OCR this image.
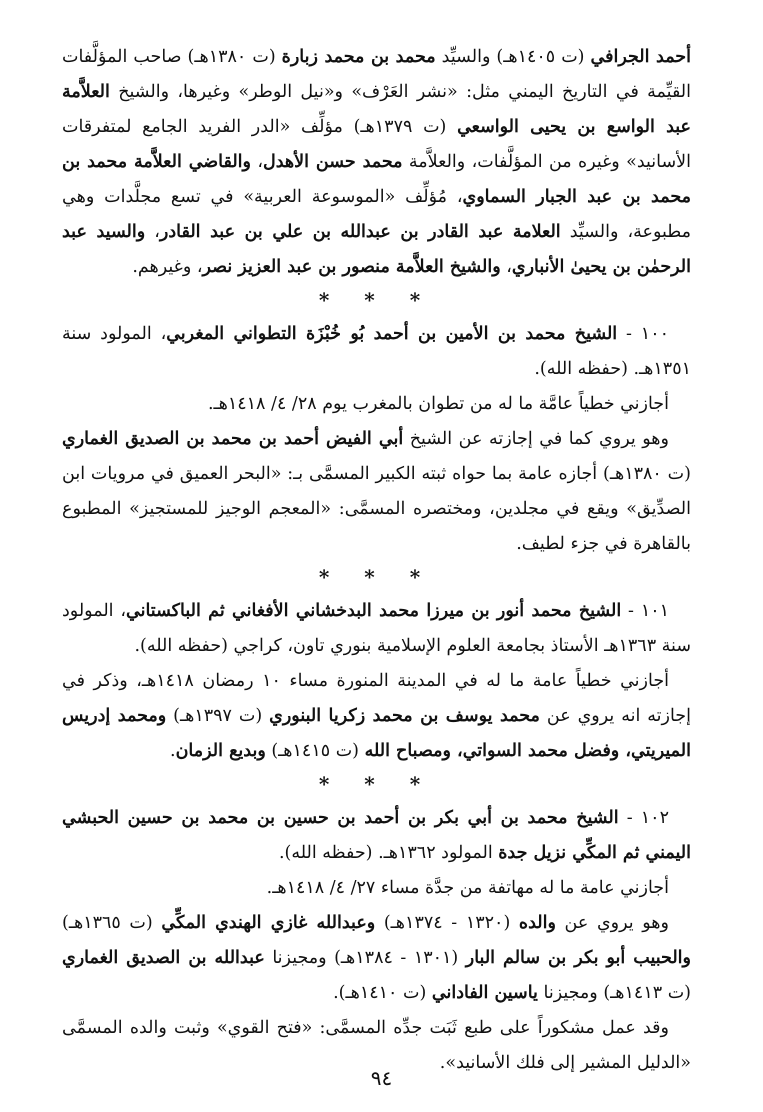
أحمد الجرافي (ت ١٤٠٥هـ) والسيِّد محمد بن محمد زبارة (ت ١٣٨٠هـ) صاحب المؤلَّفات القيِّمة في التاريخ اليمني مثل: «نشر العَرْف» و«نيل الوطر» وغيرها، والشيخ العلاَّمة عبد الواسع بن يحيى الواسعي (ت ١٣٧٩هـ) مؤلِّف «الدر الفريد الجامع لمتفرقات الأسانيد» وغيره من المؤلَّفات، والعلاَّمة محمد حسن الأهدل، والقاضي العلاَّمة محمد بن محمد بن عبد الجبار السماوي، مُؤلِّف «الموسوعة العربية» في تسع مجلَّدات وهي مطبوعة، والسيِّد العلامة عبد القادر بن عبدالله بن علي بن عبد القادر، والسيد عبد الرحمٰن بن يحيىٰ الأنباري، والشيخ العلاَّمة منصور بن عبد العزيز نصر، وغيرهم.

* * *

١٠٠ - الشيخ محمد بن الأمين بن أحمد بُو خُبْزَة التطواني المغربي، المولود سنة ١٣٥١هـ. (حفظه الله).

أجازني خطياً عامَّة ما له من تطوان بالمغرب يوم ٢٨/ ٤/ ١٤١٨هـ.

وهو يروي كما في إجازته عن الشيخ أبي الفيض أحمد بن محمد بن الصديق الغماري (ت ١٣٨٠هـ) أجازه عامة بما حواه ثبته الكبير المسمَّى بـ: «البحر العميق في مرويات ابن الصدِّيق» ويقع في مجلدين، ومختصره المسمَّى: «المعجم الوجيز للمستجيز» المطبوع بالقاهرة في جزء لطيف.

* * *

١٠١ - الشيخ محمد أنور بن ميرزا محمد البدخشاني الأفغاني ثم الباكستاني، المولود سنة ١٣٦٣هـ الأستاذ بجامعة العلوم الإسلامية بنوري تاون، كراجي (حفظه الله).

أجازني خطياً عامة ما له في المدينة المنورة مساء ١٠ رمضان ١٤١٨هـ، وذكر في إجازته انه يروي عن محمد يوسف بن محمد زكريا البنوري (ت ١٣٩٧هـ) ومحمد إدريس الميريتي، وفضل محمد السواتي، ومصباح الله (ت ١٤١٥هـ) وبديع الزمان.

* * *

١٠٢ - الشيخ محمد بن أبي بكر بن أحمد بن حسين بن محمد بن حسين الحبشي اليمني ثم المكِّي نزيل جدة المولود ١٣٦٢هـ. (حفظه الله).

أجازني عامة ما له مهاتفة من جدَّة مساء ٢٧/ ٤/ ١٤١٨هـ.

وهو يروي عن والده (١٣٢٠ - ١٣٧٤هـ) وعبدالله غازي الهندي المكِّي (ت ١٣٦٥هـ) والحبيب أبو بكر بن سالم البار (١٣٠١ - ١٣٨٤هـ) ومجيزنا عبدالله بن الصديق الغماري (ت ١٤١٣هـ) ومجيزنا ياسين الفاداني (ت ١٤١٠هـ).

وقد عمل مشكوراً على طبع ثَبَت جدِّه المسمَّى: «فتح القوي» وثبت والده المسمَّى «الدليل المشير إلى فلك الأسانيد».

٩٤
